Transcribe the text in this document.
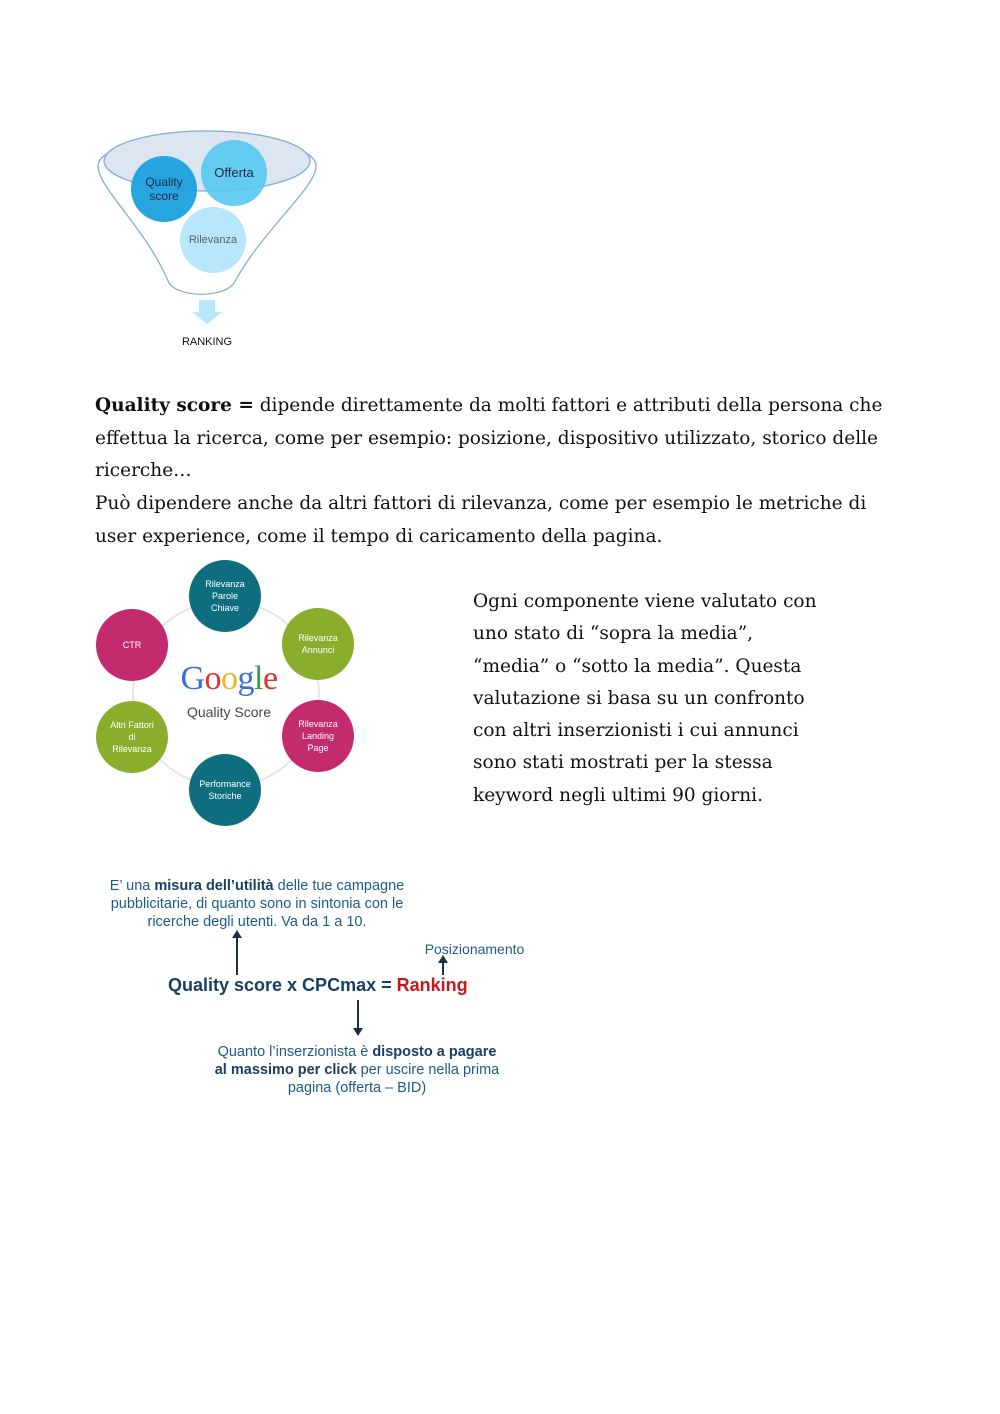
Quality
score
Offerta
Rilevanza
RANKING
Quality score = dipende direttamente da molti fattori e attributi della persona che effettua la ricerca, come per esempio: posizione, dispositivo utilizzato, storico delle ricerche…
Può dipendere anche da altri fattori di rilevanza, come per esempio le metriche di user experience, come il tempo di caricamento della pagina.
Rilevanza Parole Chiave
Rilevanza Annunci
Rilevanza Landing Page
Performance Storiche
Altri Fattori di Rilevanza
CTR
Google
Quality Score
Ogni componente viene valutato con uno stato di “sopra la media”, “media” o “sotto la media”. Questa valutazione si basa su un confronto con altri inserzionisti i cui annunci sono stati mostrati per la stessa keyword negli ultimi 90 giorni.
E’ una misura dell’utilità delle tue campagne pubblicitarie, di quanto sono in sintonia con le ricerche degli utenti. Va da 1 a 10.
Posizionamento
Quality score x CPCmax = Ranking
Quanto l’inserzionista è disposto a pagare al massimo per click per uscire nella prima pagina (offerta – BID)
